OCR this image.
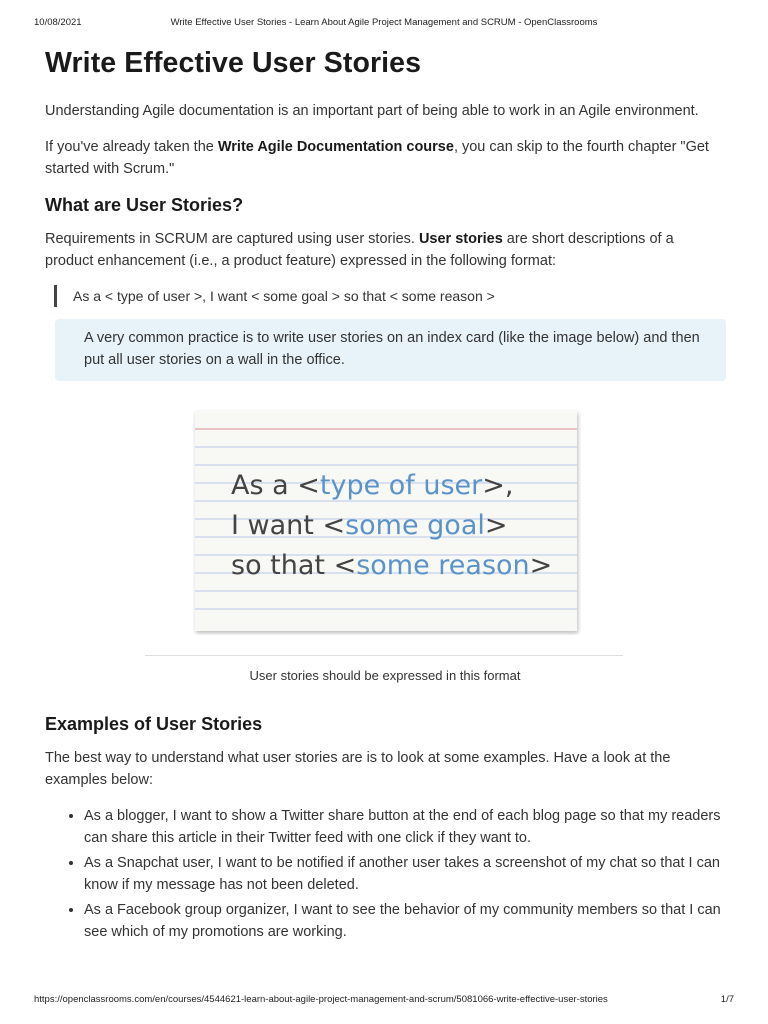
10/08/2021	Write Effective User Stories - Learn About Agile Project Management and SCRUM - OpenClassrooms
Write Effective User Stories

Understanding Agile documentation is an important part of being able to work in an Agile environment.

If you've already taken the Write Agile Documentation course, you can skip to the fourth chapter "Get started with Scrum."

What are User Stories?

Requirements in SCRUM are captured using user stories. User stories are short descriptions of a product enhancement (i.e., a product feature) expressed in the following format:

As a < type of user >, I want < some goal > so that < some reason >
A very common practice is to write user stories on an index card (like the image below) and then put all user stories on a wall in the office.
As a <type of user>,
I want <some goal>
so that <some reason>
User stories should be expressed in this format
Examples of User Stories

The best way to understand what user stories are is to look at some examples. Have a look at the examples below:

• As a blogger, I want to show a Twitter share button at the end of each blog page so that my readers can share this article in their Twitter feed with one click if they want to.
• As a Snapchat user, I want to be notified if another user takes a screenshot of my chat so that I can know if my message has not been deleted.
• As a Facebook group organizer, I want to see the behavior of my community members so that I can see which of my promotions are working.
https://openclassrooms.com/en/courses/4544621-learn-about-agile-project-management-and-scrum/5081066-write-effective-user-stories	1/7
